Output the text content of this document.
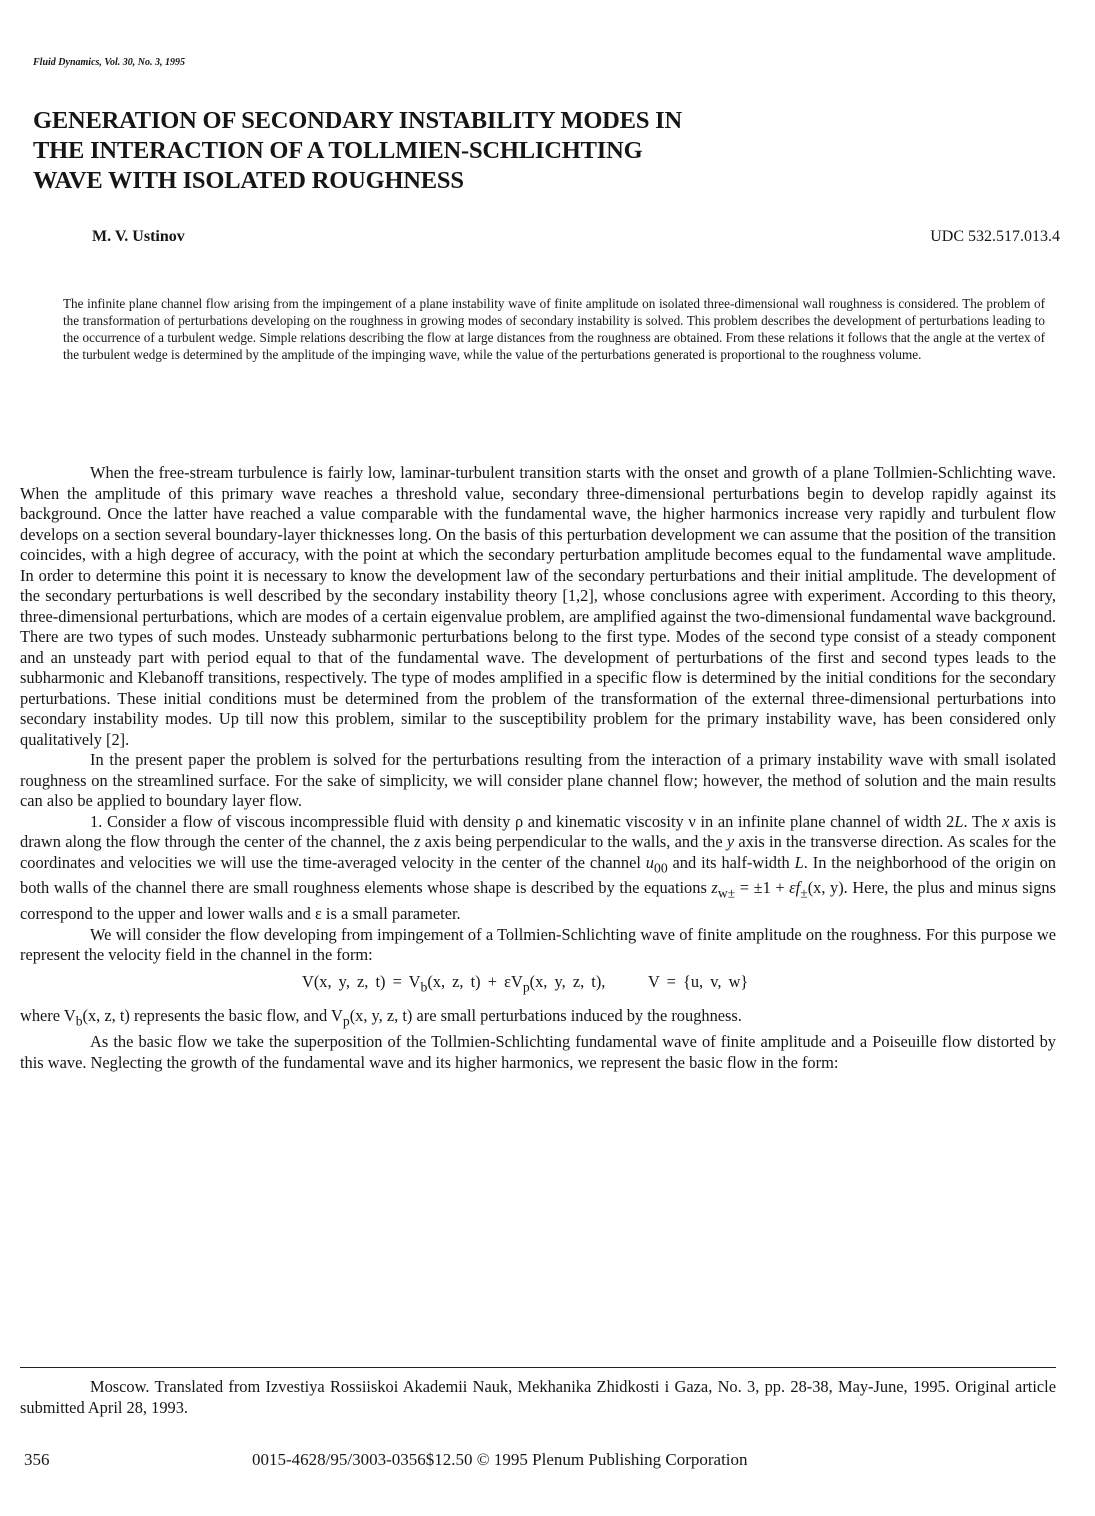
Fluid Dynamics, Vol. 30, No. 3, 1995
GENERATION OF SECONDARY INSTABILITY MODES IN
THE INTERACTION OF A TOLLMIEN-SCHLICHTING
WAVE WITH ISOLATED ROUGHNESS
M. V. Ustinov	UDC 532.517.013.4

The infinite plane channel flow arising from the impingement of a plane instability wave of finite amplitude on isolated three-dimensional wall roughness is considered. The problem of the transformation of perturbations developing on the roughness in growing modes of secondary instability is solved. This problem describes the development of perturbations leading to the occurrence of a turbulent wedge. Simple relations describing the flow at large distances from the roughness are obtained. From these relations it follows that the angle at the vertex of the turbulent wedge is determined by the amplitude of the impinging wave, while the value of the perturbations generated is proportional to the roughness volume.

When the free-stream turbulence is fairly low, laminar-turbulent transition starts with the onset and growth of a plane Tollmien-Schlichting wave. When the amplitude of this primary wave reaches a threshold value, secondary three-dimensional perturbations begin to develop rapidly against its background. Once the latter have reached a value comparable with the fundamental wave, the higher harmonics increase very rapidly and turbulent flow develops on a section several boundary-layer thicknesses long. On the basis of this perturbation development we can assume that the position of the transition coincides, with a high degree of accuracy, with the point at which the secondary perturbation amplitude becomes equal to the fundamental wave amplitude. In order to determine this point it is necessary to know the development law of the secondary perturbations and their initial amplitude. The development of the secondary perturbations is well described by the secondary instability theory [1,2], whose conclusions agree with experiment. According to this theory, three-dimensional perturbations, which are modes of a certain eigenvalue problem, are amplified against the two-dimensional fundamental wave background. There are two types of such modes. Unsteady subharmonic perturbations belong to the first type. Modes of the second type consist of a steady component and an unsteady part with period equal to that of the fundamental wave. The development of perturbations of the first and second types leads to the subharmonic and Klebanoff transitions, respectively. The type of modes amplified in a specific flow is determined by the initial conditions for the secondary perturbations. These initial conditions must be determined from the problem of the transformation of the external three-dimensional perturbations into secondary instability modes. Up till now this problem, similar to the susceptibility problem for the primary instability wave, has been considered only qualitatively [2].

In the present paper the problem is solved for the perturbations resulting from the interaction of a primary instability wave with small isolated roughness on the streamlined surface. For the sake of simplicity, we will consider plane channel flow; however, the method of solution and the main results can also be applied to boundary layer flow.

1. Consider a flow of viscous incompressible fluid with density ρ and kinematic viscosity ν in an infinite plane channel of width 2L. The x axis is drawn along the flow through the center of the channel, the z axis being perpendicular to the walls, and the y axis in the transverse direction. As scales for the coordinates and velocities we will use the time-averaged velocity in the center of the channel $u_{00}$ and its half-width L. In the neighborhood of the origin on both walls of the channel there are small roughness elements whose shape is described by the equations $z_{w\pm} = \pm 1 + \varepsilon f_\pm(x$, y). Here, the plus and minus signs correspond to the upper and lower walls and ε is a small parameter.

We will consider the flow developing from impingement of a Tollmien-Schlichting wave of finite amplitude on the roughness. For this purpose we represent the velocity field in the channel in the form:

V(x, y, z, $t) = V_b(x$, z, $t) + \varepsilon V_p(x$, y, z, t),	V = {u, v, w}

where $V_b(x$, z, t) represents the basic flow, and $V_p(x$, y, z, t) are small perturbations induced by the roughness.

As the basic flow we take the superposition of the Tollmien-Schlichting fundamental wave of finite amplitude and a Poiseuille flow distorted by this wave. Neglecting the growth of the fundamental wave and its higher harmonics, we represent the basic flow in the form:

Moscow. Translated from Izvestiya Rossiiskoi Akademii Nauk, Mekhanika Zhidkosti i Gaza, No. 3, pp. 28-38, May-June, 1995. Original article submitted April 28, 1993.

356	0015-4628/95/3003-0356$12.50 © 1995 Plenum Publishing Corporation
